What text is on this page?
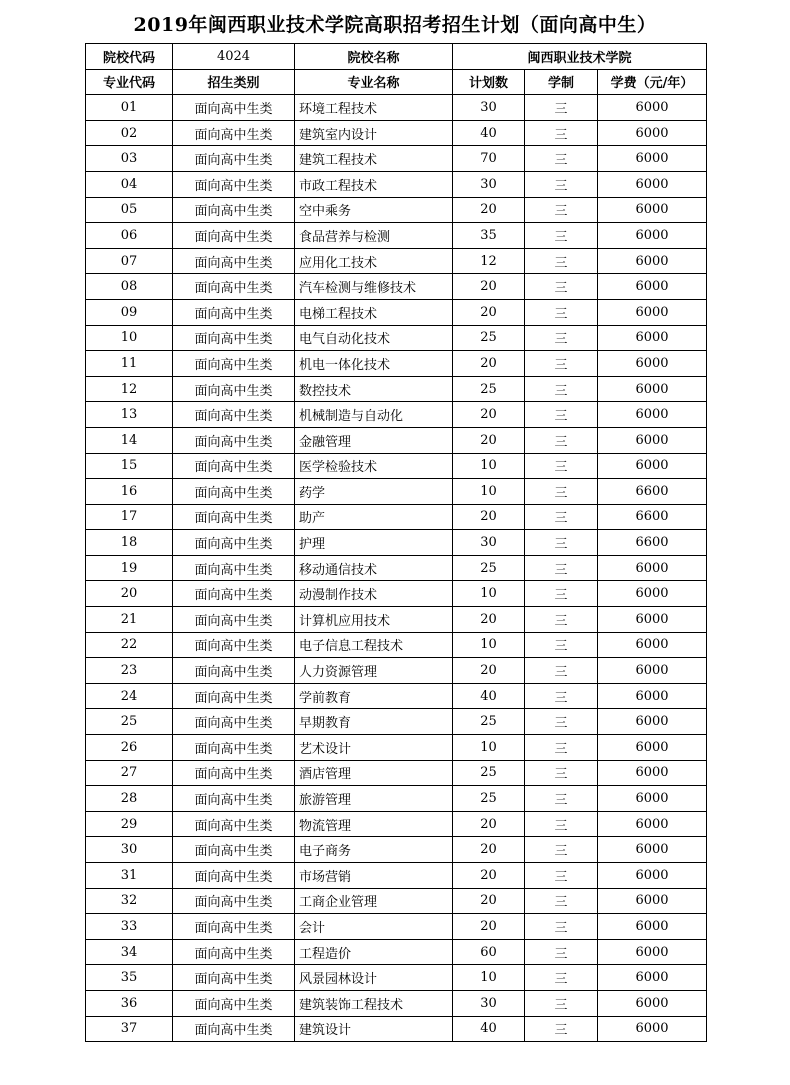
2019年闽西职业技术学院高职招考招生计划（面向高中生）
院校代码	4024	院校名称	闽西职业技术学院		
专业代码	招生类别	专业名称	计划数	学制	学费（元/年）
01	面向高中生类	环境工程技术	30	三	6000
02	面向高中生类	建筑室内设计	40	三	6000
03	面向高中生类	建筑工程技术	70	三	6000
04	面向高中生类	市政工程技术	30	三	6000
05	面向高中生类	空中乘务	20	三	6000
06	面向高中生类	食品营养与检测	35	三	6000
07	面向高中生类	应用化工技术	12	三	6000
08	面向高中生类	汽车检测与维修技术	20	三	6000
09	面向高中生类	电梯工程技术	20	三	6000
10	面向高中生类	电气自动化技术	25	三	6000
11	面向高中生类	机电一体化技术	20	三	6000
12	面向高中生类	数控技术	25	三	6000
13	面向高中生类	机械制造与自动化	20	三	6000
14	面向高中生类	金融管理	20	三	6000
15	面向高中生类	医学检验技术	10	三	6000
16	面向高中生类	药学	10	三	6600
17	面向高中生类	助产	20	三	6600
18	面向高中生类	护理	30	三	6600
19	面向高中生类	移动通信技术	25	三	6000
20	面向高中生类	动漫制作技术	10	三	6000
21	面向高中生类	计算机应用技术	20	三	6000
22	面向高中生类	电子信息工程技术	10	三	6000
23	面向高中生类	人力资源管理	20	三	6000
24	面向高中生类	学前教育	40	三	6000
25	面向高中生类	早期教育	25	三	6000
26	面向高中生类	艺术设计	10	三	6000
27	面向高中生类	酒店管理	25	三	6000
28	面向高中生类	旅游管理	25	三	6000
29	面向高中生类	物流管理	20	三	6000
30	面向高中生类	电子商务	20	三	6000
31	面向高中生类	市场营销	20	三	6000
32	面向高中生类	工商企业管理	20	三	6000
33	面向高中生类	会计	20	三	6000
34	面向高中生类	工程造价	60	三	6000
35	面向高中生类	风景园林设计	10	三	6000
36	面向高中生类	建筑装饰工程技术	30	三	6000
37	面向高中生类	建筑设计	40	三	6000
